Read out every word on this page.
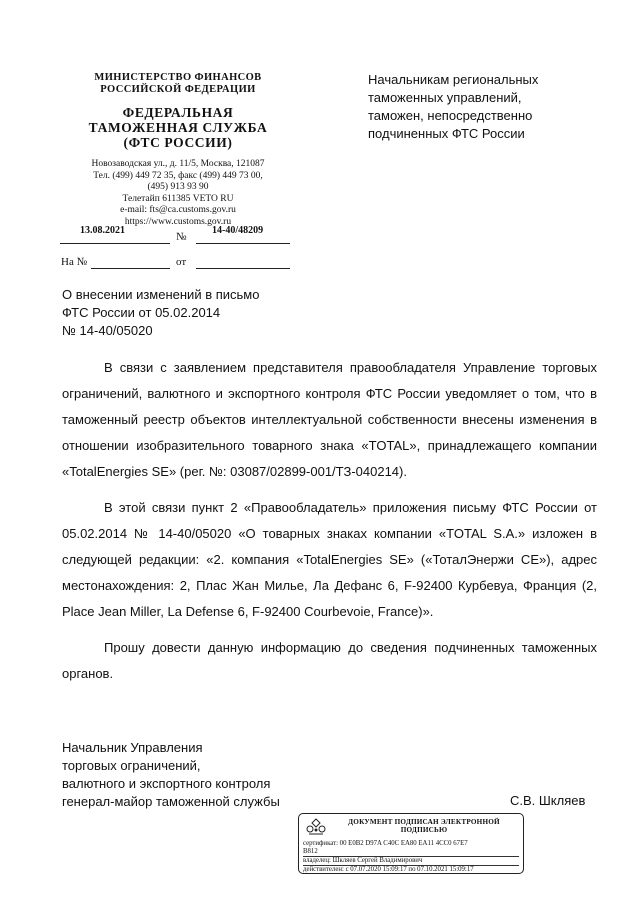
МИНИСТЕРСТВО ФИНАНСОВ
РОССИЙСКОЙ ФЕДЕРАЦИИ
ФЕДЕРАЛЬНАЯ
ТАМОЖЕННАЯ СЛУЖБА
(ФТС РОССИИ)
Новозаводская ул., д. 11/5, Москва, 121087
Тел. (499) 449 72 35, факс (499) 449 73 00,
(495) 913 93 90
Телетайп 611385 VETO RU
e-mail: fts@ca.customs.gov.ru
https://www.customs.gov.ru
13.08.2021
№
14-40/48209
На №	от
Начальникам региональных
таможенных управлений,
таможен, непосредственно
подчиненных ФТС России
О внесении изменений в письмо
ФТС России от 05.02.2014
№ 14-40/05020

В связи с заявлением представителя правообладателя Управление торговых ограничений, валютного и экспортного контроля ФТС России уведомляет о том, что в таможенный реестр объектов интеллектуальной собственности внесены изменения в отношении изобразительного товарного знака «TOTAL», принадлежащего компании «TotalEnergies SE» (рег. №: 03087/02899-001/ТЗ-040214).

В этой связи пункт 2 «Правообладатель» приложения письму ФТС России от 05.02.2014 № 14-40/05020 «О товарных знаках компании «TOTAL S.A.» изложен в следующей редакции: «2. компания «TotalEnergies SE» («ТоталЭнержи СЕ»), адрес местонахождения: 2, Плас Жан Милье, Ла Дефанс 6, F-92400 Курбевуа, Франция (2, Place Jean Miller, La Defense 6, F-92400 Courbevoie, France)».

Прошу довести данную информацию до сведения подчиненных таможенных органов.

Начальник Управления
торговых ограничений,
валютного и экспортного контроля
генерал-майор таможенной службы	С.В. Шкляев
ДОКУМЕНТ ПОДПИСАН ЭЛЕКТРОННОЙ
ПОДПИСЬЮ
сертификат: 00 E0B2 D97A C40C EA80 EA11 4CC0 67E7
B812
владелец: Шкляев Сергей Владимирович
действителен: с 07.07.2020 15:09:17 по 07.10.2021 15:09:17
